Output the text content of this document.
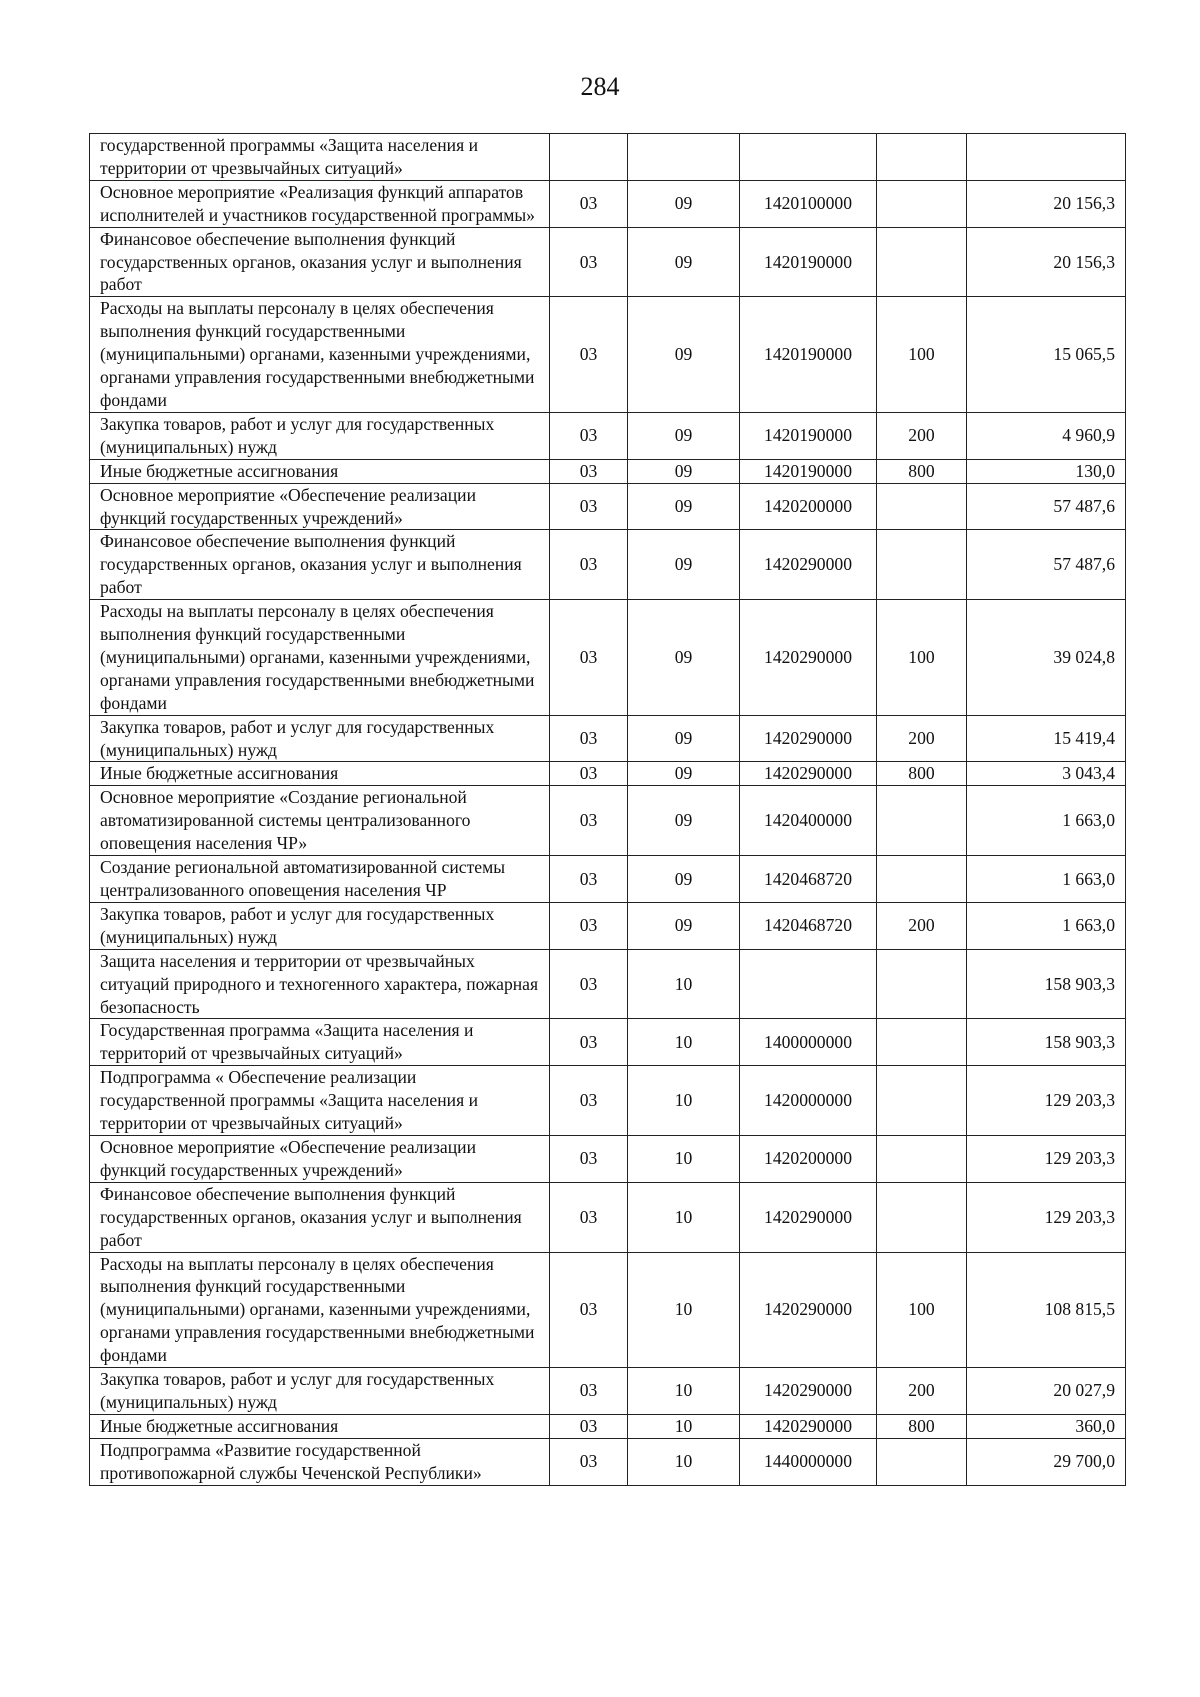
284
государственной программы «Защита населения и территории от чрезвычайных ситуаций»					
Основное мероприятие «Реализация функций аппаратов исполнителей и участников государственной программы»	03	09	1420100000		20 156,3
Финансовое обеспечение выполнения функций государственных органов, оказания услуг и выполнения работ	03	09	1420190000		20 156,3
Расходы на выплаты персоналу в целях обеспечения выполнения функций государственными (муниципальными) органами, казенными учреждениями, органами управления государственными внебюджетными фондами	03	09	1420190000	100	15 065,5
Закупка товаров, работ и услуг для государственных (муниципальных) нужд	03	09	1420190000	200	4 960,9
Иные бюджетные ассигнования	03	09	1420190000	800	130,0
Основное мероприятие «Обеспечение реализации функций государственных учреждений»	03	09	1420200000		57 487,6
Финансовое обеспечение выполнения функций государственных органов, оказания услуг и выполнения работ	03	09	1420290000		57 487,6
Расходы на выплаты персоналу в целях обеспечения выполнения функций государственными (муниципальными) органами, казенными учреждениями, органами управления государственными внебюджетными фондами	03	09	1420290000	100	39 024,8
Закупка товаров, работ и услуг для государственных (муниципальных) нужд	03	09	1420290000	200	15 419,4
Иные бюджетные ассигнования	03	09	1420290000	800	3 043,4
Основное мероприятие «Создание региональной автоматизированной системы централизованного оповещения населения ЧР»	03	09	1420400000		1 663,0
Создание региональной автоматизированной системы централизованного оповещения населения ЧР	03	09	1420468720		1 663,0
Закупка товаров, работ и услуг для государственных (муниципальных) нужд	03	09	1420468720	200	1 663,0
Защита населения и территории от чрезвычайных ситуаций природного и техногенного характера, пожарная безопасность	03	10			158 903,3
Государственная программа «Защита населения и территорий от чрезвычайных ситуаций»	03	10	1400000000		158 903,3
Подпрограмма « Обеспечение реализации государственной программы «Защита населения и территории от чрезвычайных ситуаций»	03	10	1420000000		129 203,3
Основное мероприятие «Обеспечение реализации функций государственных учреждений»	03	10	1420200000		129 203,3
Финансовое обеспечение выполнения функций государственных органов, оказания услуг и выполнения работ	03	10	1420290000		129 203,3
Расходы на выплаты персоналу в целях обеспечения выполнения функций государственными (муниципальными) органами, казенными учреждениями, органами управления государственными внебюджетными фондами	03	10	1420290000	100	108 815,5
Закупка товаров, работ и услуг для государственных (муниципальных) нужд	03	10	1420290000	200	20 027,9
Иные бюджетные ассигнования	03	10	1420290000	800	360,0
Подпрограмма «Развитие государственной противопожарной службы Чеченской Республики»	03	10	1440000000		29 700,0
